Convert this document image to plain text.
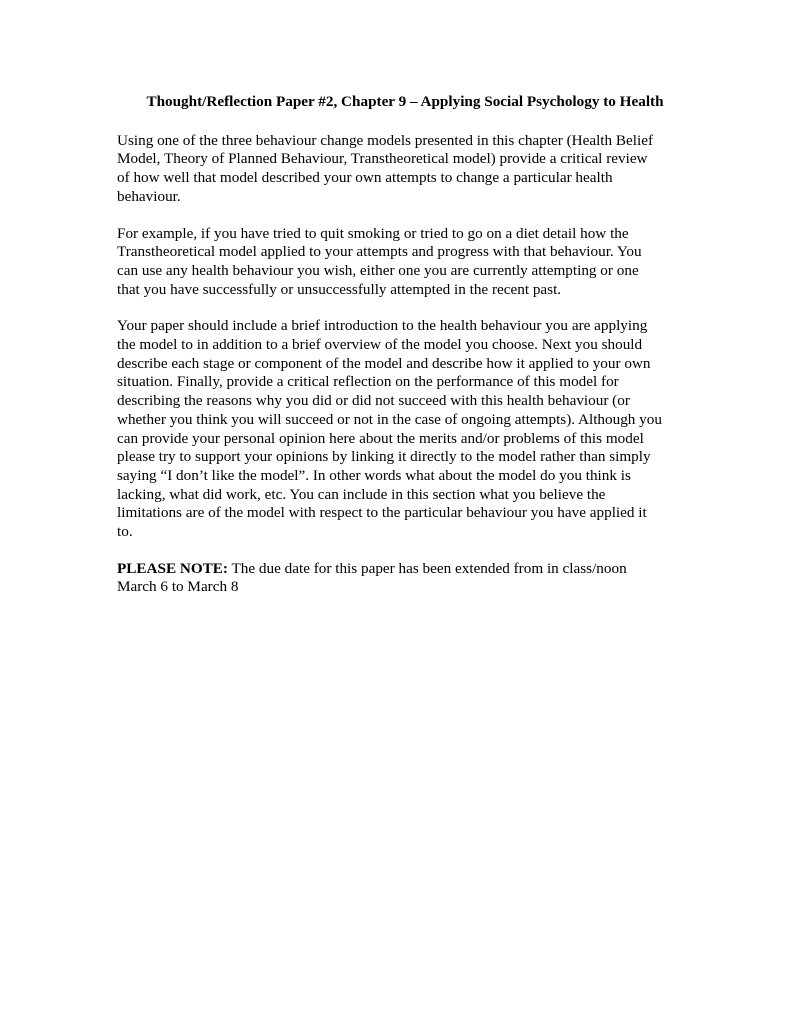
Thought/Reflection Paper #2, Chapter 9 – Applying Social Psychology to Health
Using one of the three behaviour change models presented in this chapter (Health Belief
Model, Theory of Planned Behaviour, Transtheoretical model) provide a critical review
of how well that model described your own attempts to change a particular health
behaviour.
For example, if you have tried to quit smoking or tried to go on a diet detail how the
Transtheoretical model applied to your attempts and progress with that behaviour. You
can use any health behaviour you wish, either one you are currently attempting or one
that you have successfully or unsuccessfully attempted in the recent past.
Your paper should include a brief introduction to the health behaviour you are applying
the model to in addition to a brief overview of the model you choose. Next you should
describe each stage or component of the model and describe how it applied to your own
situation. Finally, provide a critical reflection on the performance of this model for
describing the reasons why you did or did not succeed with this health behaviour (or
whether you think you will succeed or not in the case of ongoing attempts). Although you
can provide your personal opinion here about the merits and/or problems of this model
please try to support your opinions by linking it directly to the model rather than simply
saying “I don’t like the model”. In other words what about the model do you think is
lacking, what did work, etc. You can include in this section what you believe the
limitations are of the model with respect to the particular behaviour you have applied it
to.
PLEASE NOTE: The due date for this paper has been extended from in class/noon
March 6 to March 8
